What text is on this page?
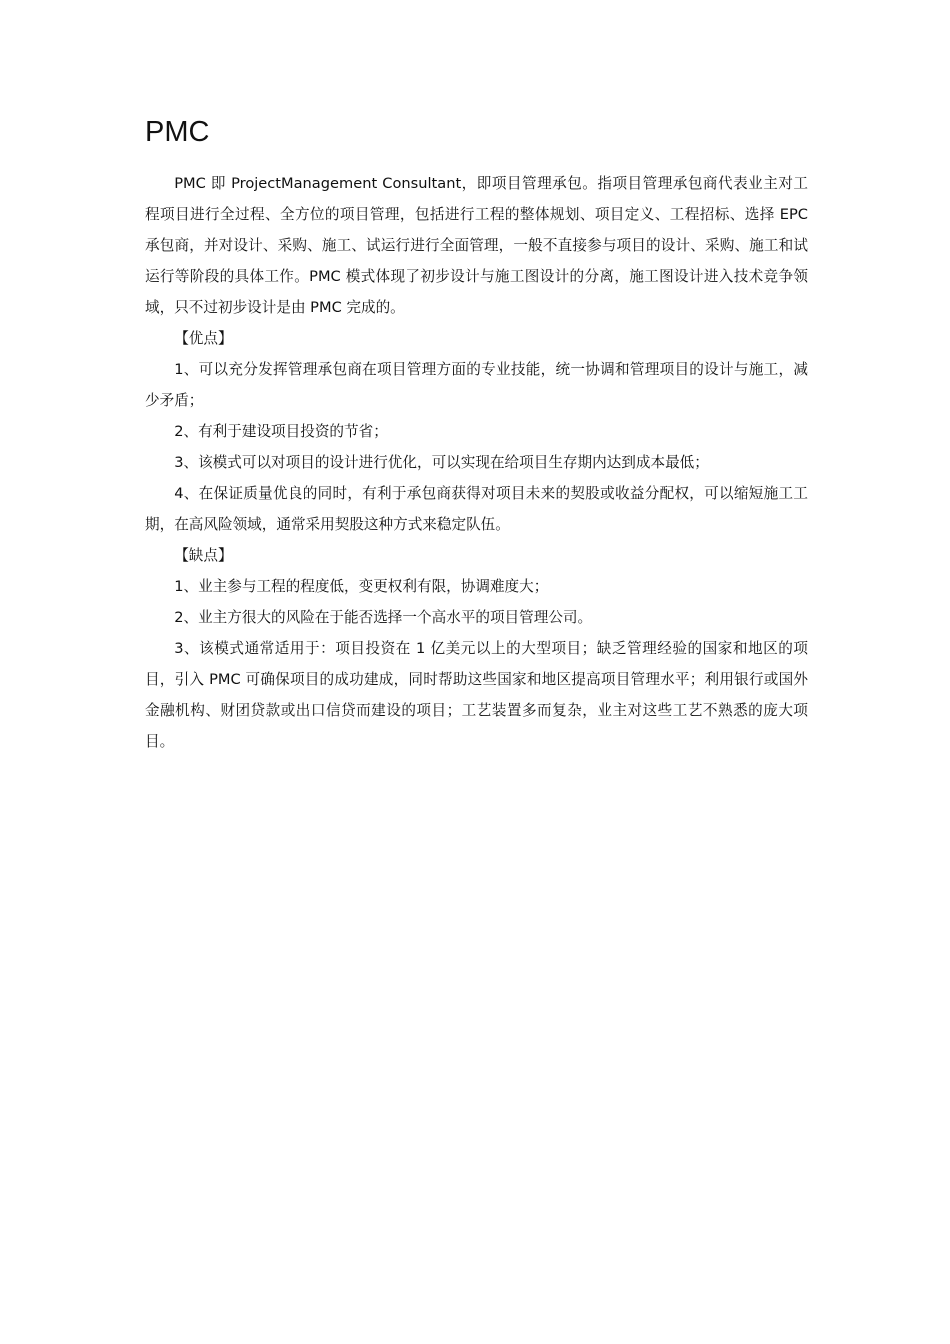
PMC

PMC 即 ProjectManagement Consultant，即项目管理承包。指项目管理承包商代表业主对工程项目进行全过程、全方位的项目管理，包括进行工程的整体规划、项目定义、工程招标、选择 EPC 承包商，并对设计、采购、施工、试运行进行全面管理，一般不直接参与项目的设计、采购、施工和试运行等阶段的具体工作。PMC 模式体现了初步设计与施工图设计的分离，施工图设计进入技术竞争领域，只不过初步设计是由 PMC 完成的。

【优点】

1、可以充分发挥管理承包商在项目管理方面的专业技能，统一协调和管理项目的设计与施工，减少矛盾；

2、有利于建设项目投资的节省；

3、该模式可以对项目的设计进行优化，可以实现在给项目生存期内达到成本最低；

4、在保证质量优良的同时，有利于承包商获得对项目未来的契股或收益分配权，可以缩短施工工期，在高风险领域，通常采用契股这种方式来稳定队伍。

【缺点】

1、业主参与工程的程度低，变更权利有限，协调难度大；

2、业主方很大的风险在于能否选择一个高水平的项目管理公司。

3、该模式通常适用于：项目投资在 1 亿美元以上的大型项目；缺乏管理经验的国家和地区的项目，引入 PMC 可确保项目的成功建成，同时帮助这些国家和地区提高项目管理水平；利用银行或国外金融机构、财团贷款或出口信贷而建设的项目；工艺装置多而复杂，业主对这些工艺不熟悉的庞大项目。
